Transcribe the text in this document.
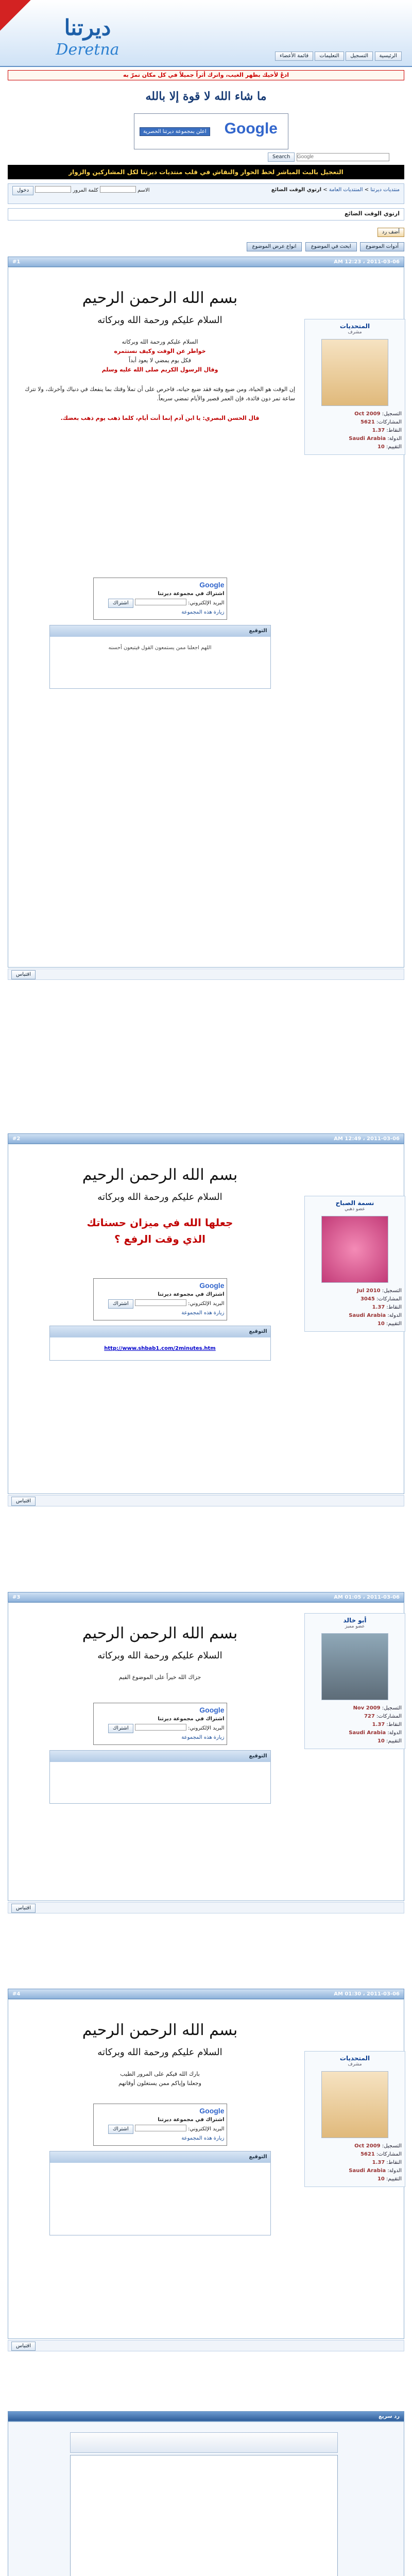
ديرتنا
Deretna	الرئيسية التسجيل التعليمات قائمة الأعضاء
ادعُ لأخيك بظهر الغيب، واترك أثراً جميلاً في كل مكان تمرّ به
ما شاء الله لا قوة إلا بالله
Google
اعلن بمجموعة ديرتنا الحصرية
Search Google
التعجيل بالبث المباشر لخط الحوار والنقاش في قلب منتديات ديرتنا لكل المشاركين والزوار
منتديات ديرتنا > المنتديات العامة > ارتوي الوقت الضائع
الاسم  كلمة المرور  دخول
ارتوي الوقت الضائع
أضف رد
أدوات الموضوع ابحث في الموضوع انواع عرض الموضوع
2011-03-06 ، 12:23 AM
#1
المتحديات
مشرف
التسجيل: Oct 2009
المشاركات: 5621
النقاط: 1.37
الدولة: Saudi Arabia
التقييم: 10
بسم الله الرحمن الرحيم
السلام عليكم ورحمة الله وبركاته
السلام عليكم ورحمة الله وبركاته
خواطر عن الوقت وكيف نستثمره
فكل يوم يمضي لا يعود أبداً
وقال الرسول الكريم صلى الله عليه وسلم
إن الوقت هو الحياة، ومن ضيع وقته فقد ضيع حياته، فاحرص على أن تملأ وقتك بما ينفعك في دنياك وآخرتك، ولا تترك ساعة تمر دون فائدة، فإن العمر قصير والأيام تمضي سريعاً.
قال الحسن البصري: يا ابن آدم إنما أنت أيام، كلما ذهب يوم ذهب بعضك.
Google
اشتراك في مجموعة ديرتنا
البريد الإلكتروني:  اشتراك
زيارة هذه المجموعة
التوقيع
اللهم اجعلنا ممن يستمعون القول فيتبعون أحسنه
اقتباس
2011-03-06 ، 12:49 AM
#2
نسمة الصباح
عضو ذهبي
التسجيل: Jul 2010
المشاركات: 3045
النقاط: 1.37
الدولة: Saudi Arabia
التقييم: 10
بسم الله الرحمن الرحيم
السلام عليكم ورحمة الله وبركاته
جعلها الله في ميزان حسناتك
الذي وقت الرفع ؟
Google
اشتراك في مجموعة ديرتنا
البريد الإلكتروني:  اشتراك
زيارة هذه المجموعة
التوقيع
http://www.shbab1.com/2minutes.htm
اقتباس
2011-03-06 ، 01:05 AM
#3
أبو خالد
عضو مميز
التسجيل: Nov 2009
المشاركات: 727
النقاط: 1.37
الدولة: Saudi Arabia
التقييم: 10
بسم الله الرحمن الرحيم
السلام عليكم ورحمة الله وبركاته
جزاك الله خيراً على الموضوع القيم
Google
اشتراك في مجموعة ديرتنا
البريد الإلكتروني:  اشتراك
زيارة هذه المجموعة
التوقيع
اقتباس
2011-03-06 ، 01:30 AM
#4
المتحديات
مشرف
التسجيل: Oct 2009
المشاركات: 5621
النقاط: 1.37
الدولة: Saudi Arabia
التقييم: 10
بسم الله الرحمن الرحيم
السلام عليكم ورحمة الله وبركاته
بارك الله فيكم على المرور الطيب
وجعلنا وإياكم ممن يستغلون أوقاتهم
Google
اشتراك في مجموعة ديرتنا
البريد الإلكتروني:  اشتراك
زيارة هذه المجموعة
التوقيع
اقتباس
رد سريع
